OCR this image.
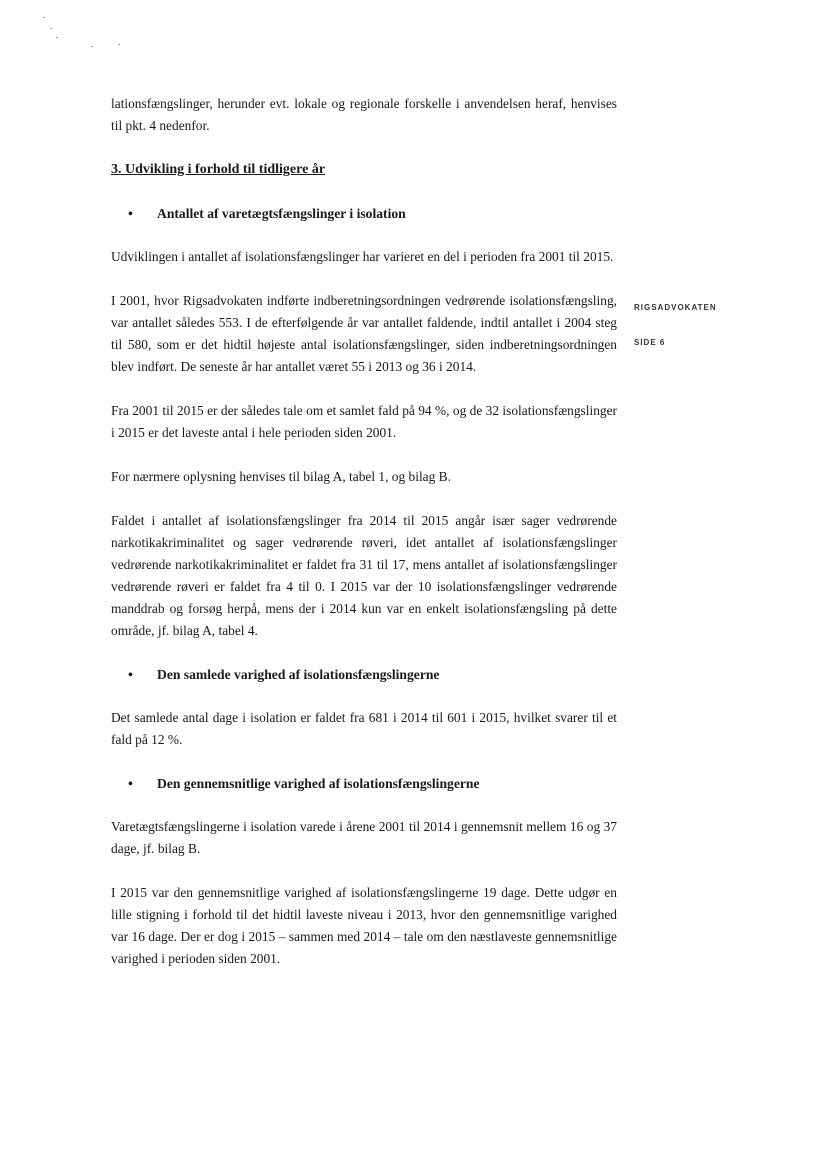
RIGSADVOKATEN
SIDE 6

lationsfængslinger, herunder evt. lokale og regionale forskelle i anvendelsen heraf, henvises til pkt. 4 nedenfor.

3. Udvikling i forhold til tidligere år
•	Antallet af varetægtsfængslinger i isolation

Udviklingen i antallet af isolationsfængslinger har varieret en del i perioden fra 2001 til 2015.

I 2001, hvor Rigsadvokaten indførte indberetningsordningen vedrørende isolationsfængsling, var antallet således 553. I de efterfølgende år var antallet faldende, indtil antallet i 2004 steg til 580, som er det hidtil højeste antal isolationsfængslinger, siden indberetningsordningen blev indført. De seneste år har antallet været 55 i 2013 og 36 i 2014.

Fra 2001 til 2015 er der således tale om et samlet fald på 94 %, og de 32 isolationsfængslinger i 2015 er det laveste antal i hele perioden siden 2001.

For nærmere oplysning henvises til bilag A, tabel 1, og bilag B.

Faldet i antallet af isolationsfængslinger fra 2014 til 2015 angår især sager vedrørende narkotikakriminalitet og sager vedrørende røveri, idet antallet af isolationsfængslinger vedrørende narkotikakriminalitet er faldet fra 31 til 17, mens antallet af isolationsfængslinger vedrørende røveri er faldet fra 4 til 0. I 2015 var der 10 isolationsfængslinger vedrørende manddrab og forsøg herpå, mens der i 2014 kun var en enkelt isolationsfængsling på dette område, jf. bilag A, tabel 4.

•	Den samlede varighed af isolationsfængslingerne

Det samlede antal dage i isolation er faldet fra 681 i 2014 til 601 i 2015, hvilket svarer til et fald på 12 %.

•	Den gennemsnitlige varighed af isolationsfængslingerne

Varetægtsfængslingerne i isolation varede i årene 2001 til 2014 i gennemsnit mellem 16 og 37 dage, jf. bilag B.

I 2015 var den gennemsnitlige varighed af isolationsfængslingerne 19 dage. Dette udgør en lille stigning i forhold til det hidtil laveste niveau i 2013, hvor den gennemsnitlige varighed var 16 dage. Der er dog i 2015 – sammen med 2014 – tale om den næstlaveste gennemsnitlige varighed i perioden siden 2001.
